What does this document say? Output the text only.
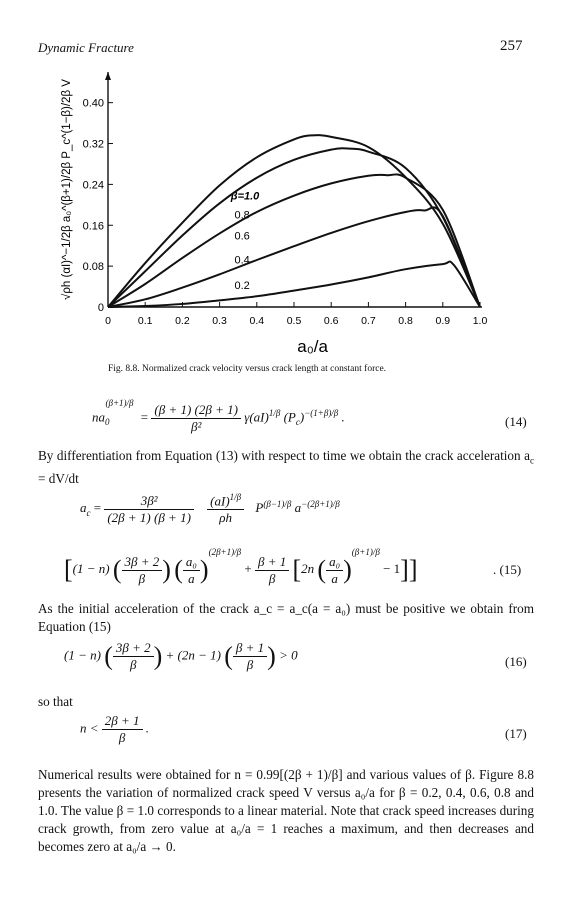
Dynamic Fracture	257
0	0.1 0.2 0.3 0.4 0.5 0.6 0.7 0.8 0.9 1.0
0
0.08
0.16
0.24
0.32
0.40
a₀/a
√ρh (αI)^−1/2β a₀^(β+1)/2β P_c^(1−β)/2β V	β=1.0
0.8
0.6
0.4
0.2
Fig. 8.8. Normalized crack velocity versus crack length at constant force.
$na_0^{(\beta+1)/\beta} = \frac{(\beta + 1) (2\beta + 1)}{\text{β²}} \gamma(aI)^{1/\beta}$ $(P_c)^{-(1+\beta)/\beta}$ .	(14)
By differentiation from Equation (13) with respect to time we obtain the crack acceleration $a_c = dV/dt$
$a_c = \frac{\text{3β²}}{(2\beta + 1) (\beta + 1)}$
$\frac{(aI)^{1/\beta}}{\rho h} P^{(\beta-1)/\beta}$ $a^{-(2\beta+1)/\beta}$
[(1 − n) ( $\frac{3\beta + 2}{\beta}$ ) ( $\frac{\text{a₀}}{a} )^{(2\beta+1)/\beta} + \frac{\beta + 1}{\beta} [2n$ ( $\frac{\text{a₀}}{a} )^{(\beta+1)/\beta} - 1$]]	. (15)
As the initial acceleration of the crack a_c = a_c(a = a₀) must be positive we obtain from Equation (15)
(1 − n) ( $\frac{3\beta + 2}{\beta}$ ) + (2n − 1) ( $\frac{\beta + 1}{\beta}$ ) > 0	(16)
so that
$n < \frac{2\beta + 1}{\beta}$ .	(17)
Numerical results were obtained for n = 0.99[(2β + 1)/β] and various values of β. Figure 8.8 presents the variation of normalized crack speed V versus a₀/a for β = 0.2, 0.4, 0.6, 0.8 and 1.0. The value β = 1.0 corresponds to a linear material. Note that crack speed increases during crack growth, from zero value at a₀/a = 1 reaches a maximum, and then decreases and becomes zero at a₀/a → 0.
